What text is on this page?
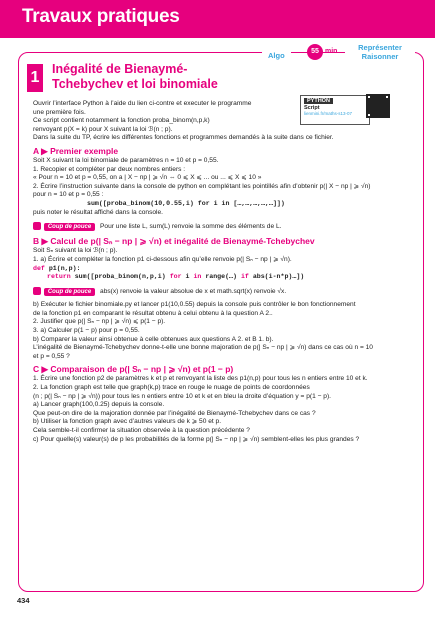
Travaux pratiques
Algo	55 min	Représenter
Raisonner
1 Inégalité de Bienaymé-
Tchebychev et loi binomiale
PYTHON
Script
lienmini.fr/maths-s13-07

Ouvrir l’interface Python à l’aide du lien ci-contre et executer le programme

une première fois.

Ce script contient notamment la fonction proba_binom(n,p,k)

renvoyant p(X = k) pour X suivant la loi ℬ(n ; p).

Dans la suite du TP, écrire les différentes fonctions et programmes demandés à la suite dans ce fichier.

A ▶ Premier exemple

Soit X suivant la loi binomiale de paramètres n = 10 et p = 0,55.

1. Recopier et compléter par deux nombres entiers :

« Pour n = 10 et p = 0,55, on a | X − np | ⩾ √n ⇔ 0 ⩽ X ⩽ ... ou ... ⩽ X ⩽ 10 »

2. Écrire l’instruction suivante dans la console de python en complétant les pointillés afin d’obtenir p(| X − np | ⩾ √n)

pour n = 10 et p = 0,55 :

sum([proba_binom(10,0.55,i) for i in […,…,…,…,…]])

puis noter le résultat affiché dans la console.

Coup de pouce Pour une liste L, sum(L) renvoie la somme des éléments de L.
B ▶ Calcul de p(| Sₙ − np | ⩾ √n) et inégalité de Bienaymé-Tchebychev

Soit Sₙ suivant la loi ℬ(n ; p).

1. a) Écrire et compléter la fonction p1 ci-dessous afin qu’elle renvoie p(| Sₙ − np | ⩾ √n).

def p1(n,p):
return sum([proba_binom(n,p,i) for i in range(…) if abs(i-n*p)…])
Coup de pouce abs(x) renvoie la valeur absolue de x et math.sqrt(x) renvoie √x.

b) Exécuter le fichier binomiale.py et lancer p1(10,0.55) depuis la console puis contrôler le bon fonctionnement

de la fonction p1 en comparant le résultat obtenu à celui obtenu à la question A 2..

2. Justifier que p(| Sₙ − np | ⩾ √n) ⩽ p(1 − p).

3. a) Calculer p(1 − p) pour p = 0,55.

b) Comparer la valeur ainsi obtenue à celle obtenues aux questions A 2. et B 1. b).

L’inégalité de Bienaymé-Tchebychev donne-t-elle une bonne majoration de p(| Sₙ − np | ⩾ √n) dans ce cas où n = 10

et p = 0,55 ?

C ▶ Comparaison de p(| Sₙ − np | ⩾ √n) et p(1 − p)

1. Écrire une fonction p2 de paramètres k et p et renvoyant la liste des p1(n,p) pour tous les n entiers entre 10 et k.

2. La fonction graph est telle que graph(k,p) trace en rouge le nuage de points de coordonnées

(n ; p(| Sₙ − np | ⩾ √n)) pour tous les n entiers entre 10 et k et en bleu la droite d’équation y = p(1 − p).

a) Lancer graph(100,0.25) depuis la console.

Que peut-on dire de la majoration donnée par l’inégalité de Bienaymé-Tchebychev dans ce cas ?

b) Utiliser la fonction graph avec d’autres valeurs de k ⩾ 50 et p.

Cela semble-t-il confirmer la situation observée à la question précédente ?

c) Pour quelle(s) valeur(s) de p les probabilités de la forme p(| Sₙ − np | ⩾ √n) semblent-elles les plus grandes ?

434
